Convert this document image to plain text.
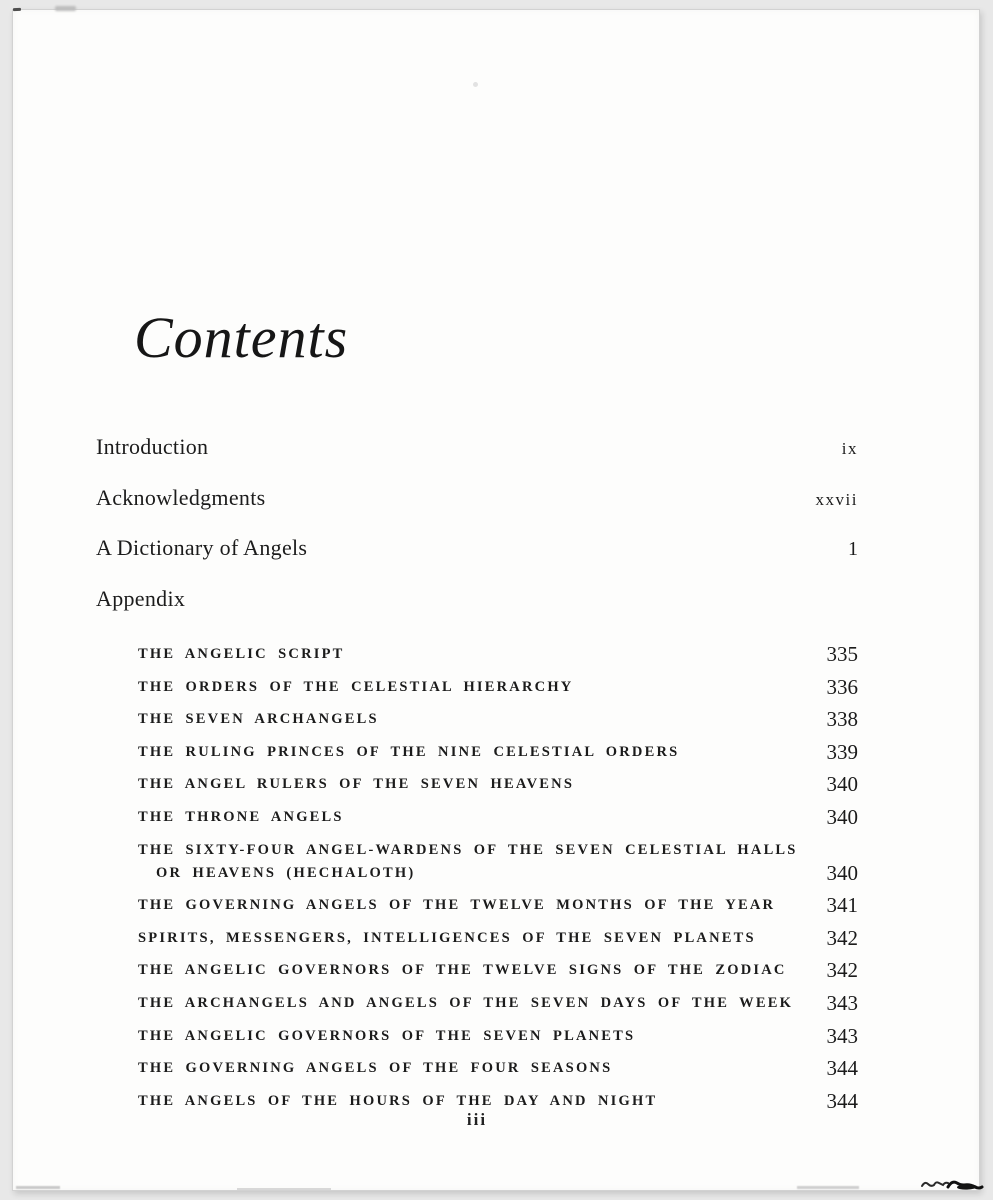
Contents
Introduction	ix
Acknowledgments	xxvii
A Dictionary of Angels	1
Appendix
THE ANGELIC SCRIPT	335
THE ORDERS OF THE CELESTIAL HIERARCHY	336
THE SEVEN ARCHANGELS	338
THE RULING PRINCES OF THE NINE CELESTIAL ORDERS	339
THE ANGEL RULERS OF THE SEVEN HEAVENS	340
THE THRONE ANGELS	340
THE SIXTY-FOUR ANGEL-WARDENS OF THE SEVEN CELESTIAL HALLS
OR HEAVENS (HECHALOTH)	340
THE GOVERNING ANGELS OF THE TWELVE MONTHS OF THE YEAR	341
SPIRITS, MESSENGERS, INTELLIGENCES OF THE SEVEN PLANETS	342
THE ANGELIC GOVERNORS OF THE TWELVE SIGNS OF THE ZODIAC	342
THE ARCHANGELS AND ANGELS OF THE SEVEN DAYS OF THE WEEK	343
THE ANGELIC GOVERNORS OF THE SEVEN PLANETS	343
THE GOVERNING ANGELS OF THE FOUR SEASONS	344
THE ANGELS OF THE HOURS OF THE DAY AND NIGHT	344
iii
